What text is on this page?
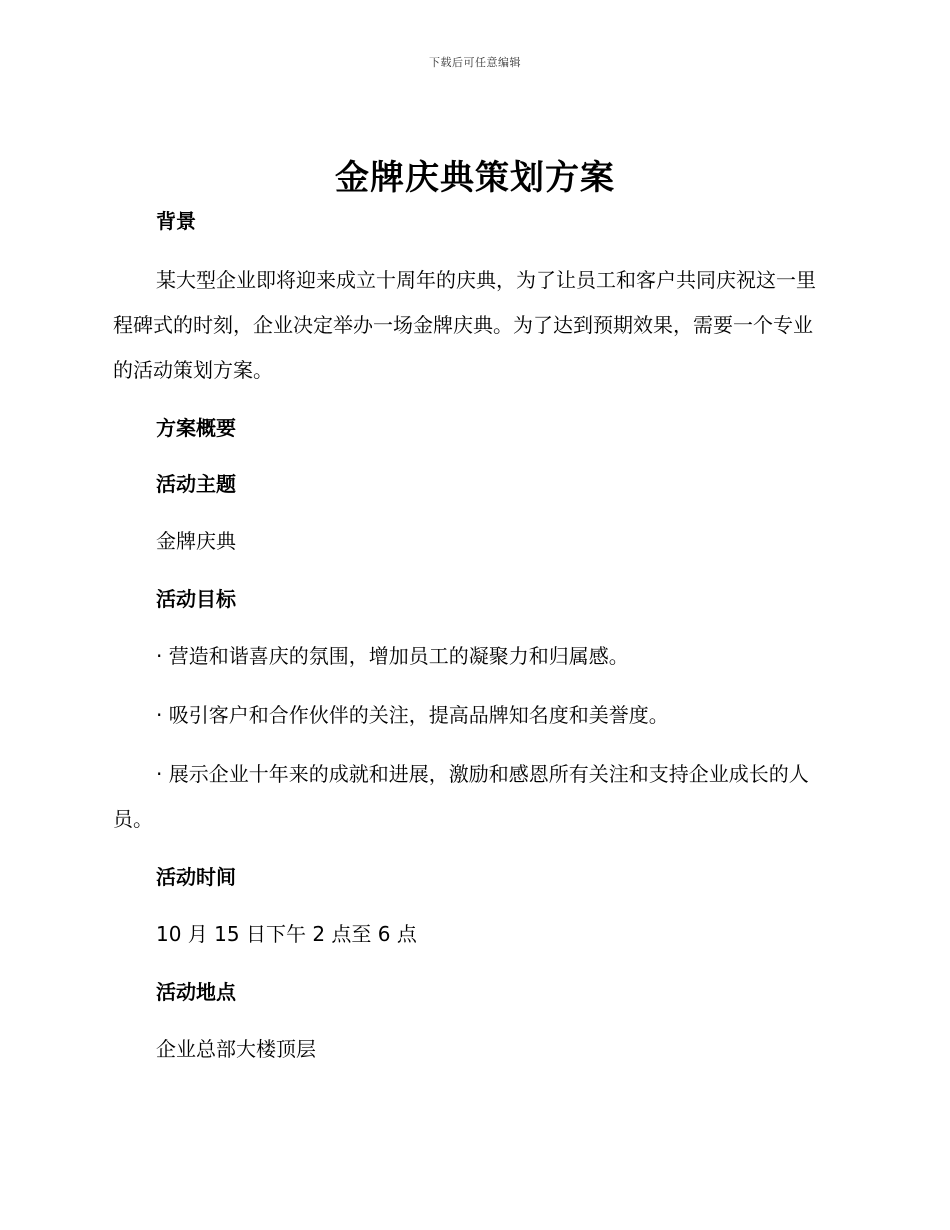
下载后可任意编辑
金牌庆典策划方案

背景

某大型企业即将迎来成立十周年的庆典，为了让员工和客户共同庆祝这一里程碑式的时刻，企业决定举办一场金牌庆典。为了达到预期效果，需要一个专业的活动策划方案。

方案概要

活动主题

金牌庆典

活动目标

· 营造和谐喜庆的氛围，增加员工的凝聚力和归属感。

· 吸引客户和合作伙伴的关注，提高品牌知名度和美誉度。

· 展示企业十年来的成就和进展，激励和感恩所有关注和支持企业成长的人员。

活动时间

10 月 15 日下午 2 点至 6 点

活动地点

企业总部大楼顶层
